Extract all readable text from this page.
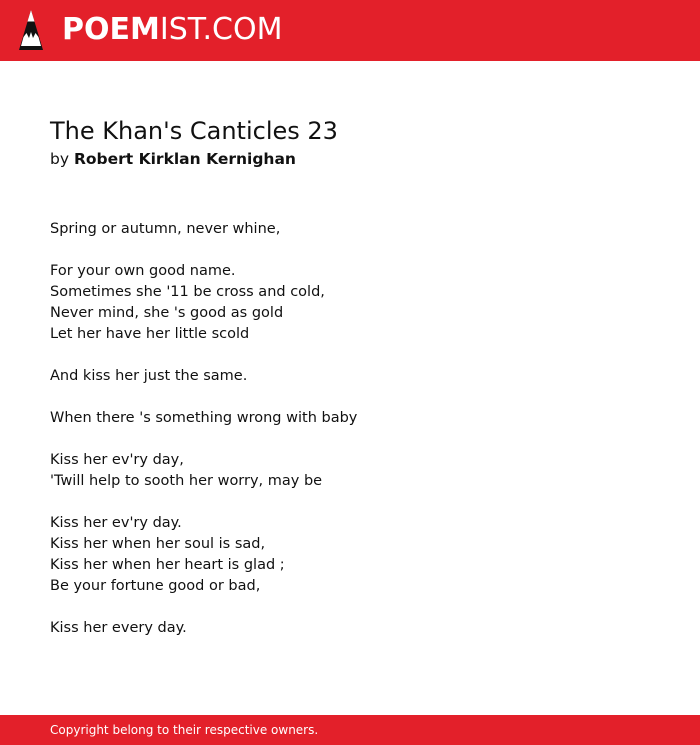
POEMIST.COM
The Khan's Canticles 23
by Robert Kirklan Kernighan
Spring or autumn, never whine,
For your own good name.
Sometimes she '11 be cross and cold,
Never mind, she 's good as gold
Let her have her little scold
And kiss her just the same.
When there 's something wrong with baby
Kiss her ev'ry day,
'Twill help to sooth her worry, may be
Kiss her ev'ry day.
Kiss her when her soul is sad,
Kiss her when her heart is glad ;
Be your fortune good or bad,
Kiss her every day.
Copyright belong to their respective owners.
